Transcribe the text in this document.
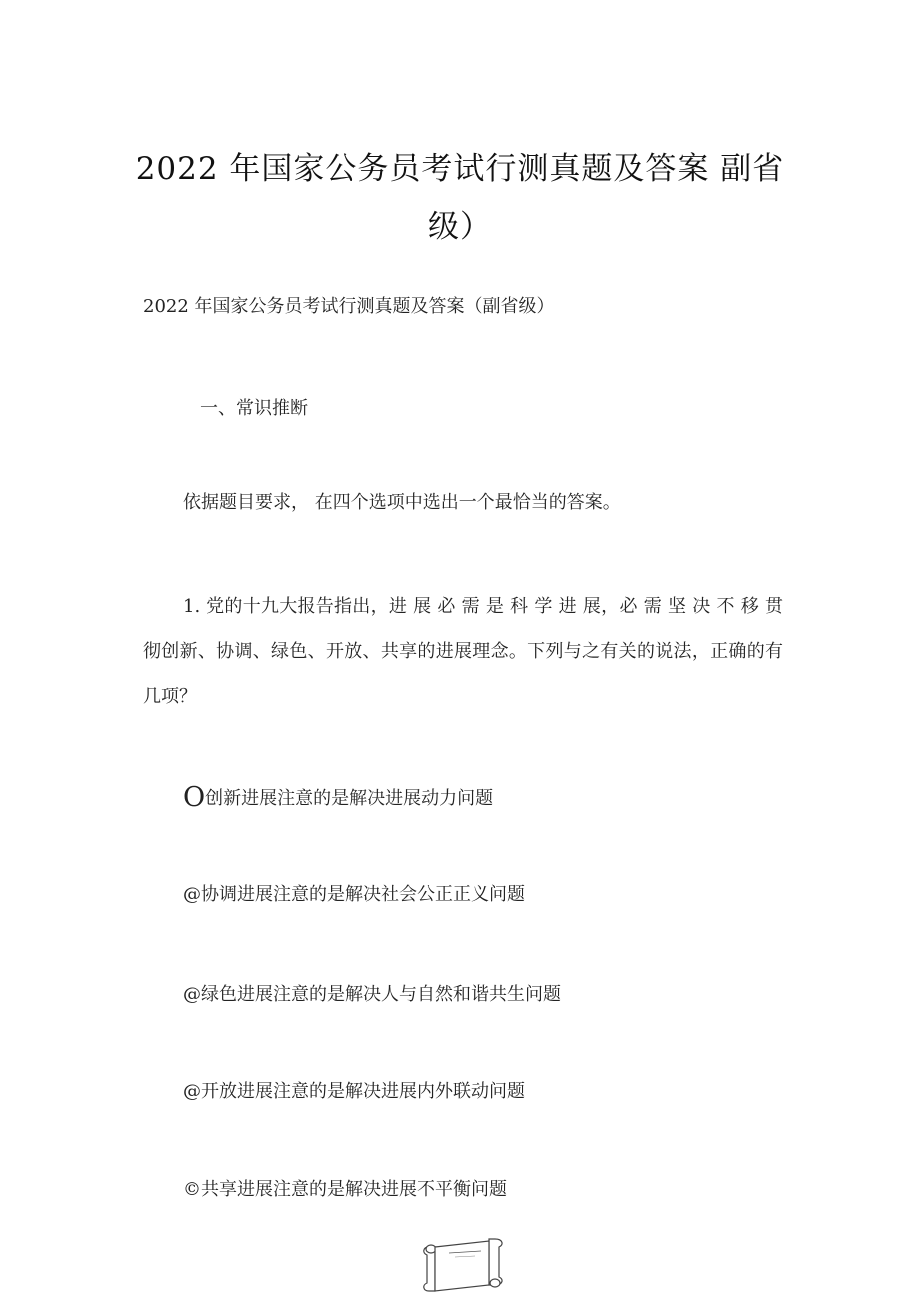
2022 年国家公务员考试行测真题及答案 副省级）
2022 年国家公务员考试行测真题及答案（副省级）
一、常识推断
依据题目要求， 在四个选项中选出一个最恰当的答案。
1. 党的十九大报告指出，进 展 必 需 是 科 学 进 展，必 需 坚 决 不 移 贯彻创新、协调、绿色、开放、共享的进展理念。下列与之有关的说法，正确的有几项？
O创新进展注意的是解决进展动力问题
@协调进展注意的是解决社会公正正义问题
@绿色进展注意的是解决人与自然和谐共生问题
@开放进展注意的是解决进展内外联动问题
©共享进展注意的是解决进展不平衡问题
